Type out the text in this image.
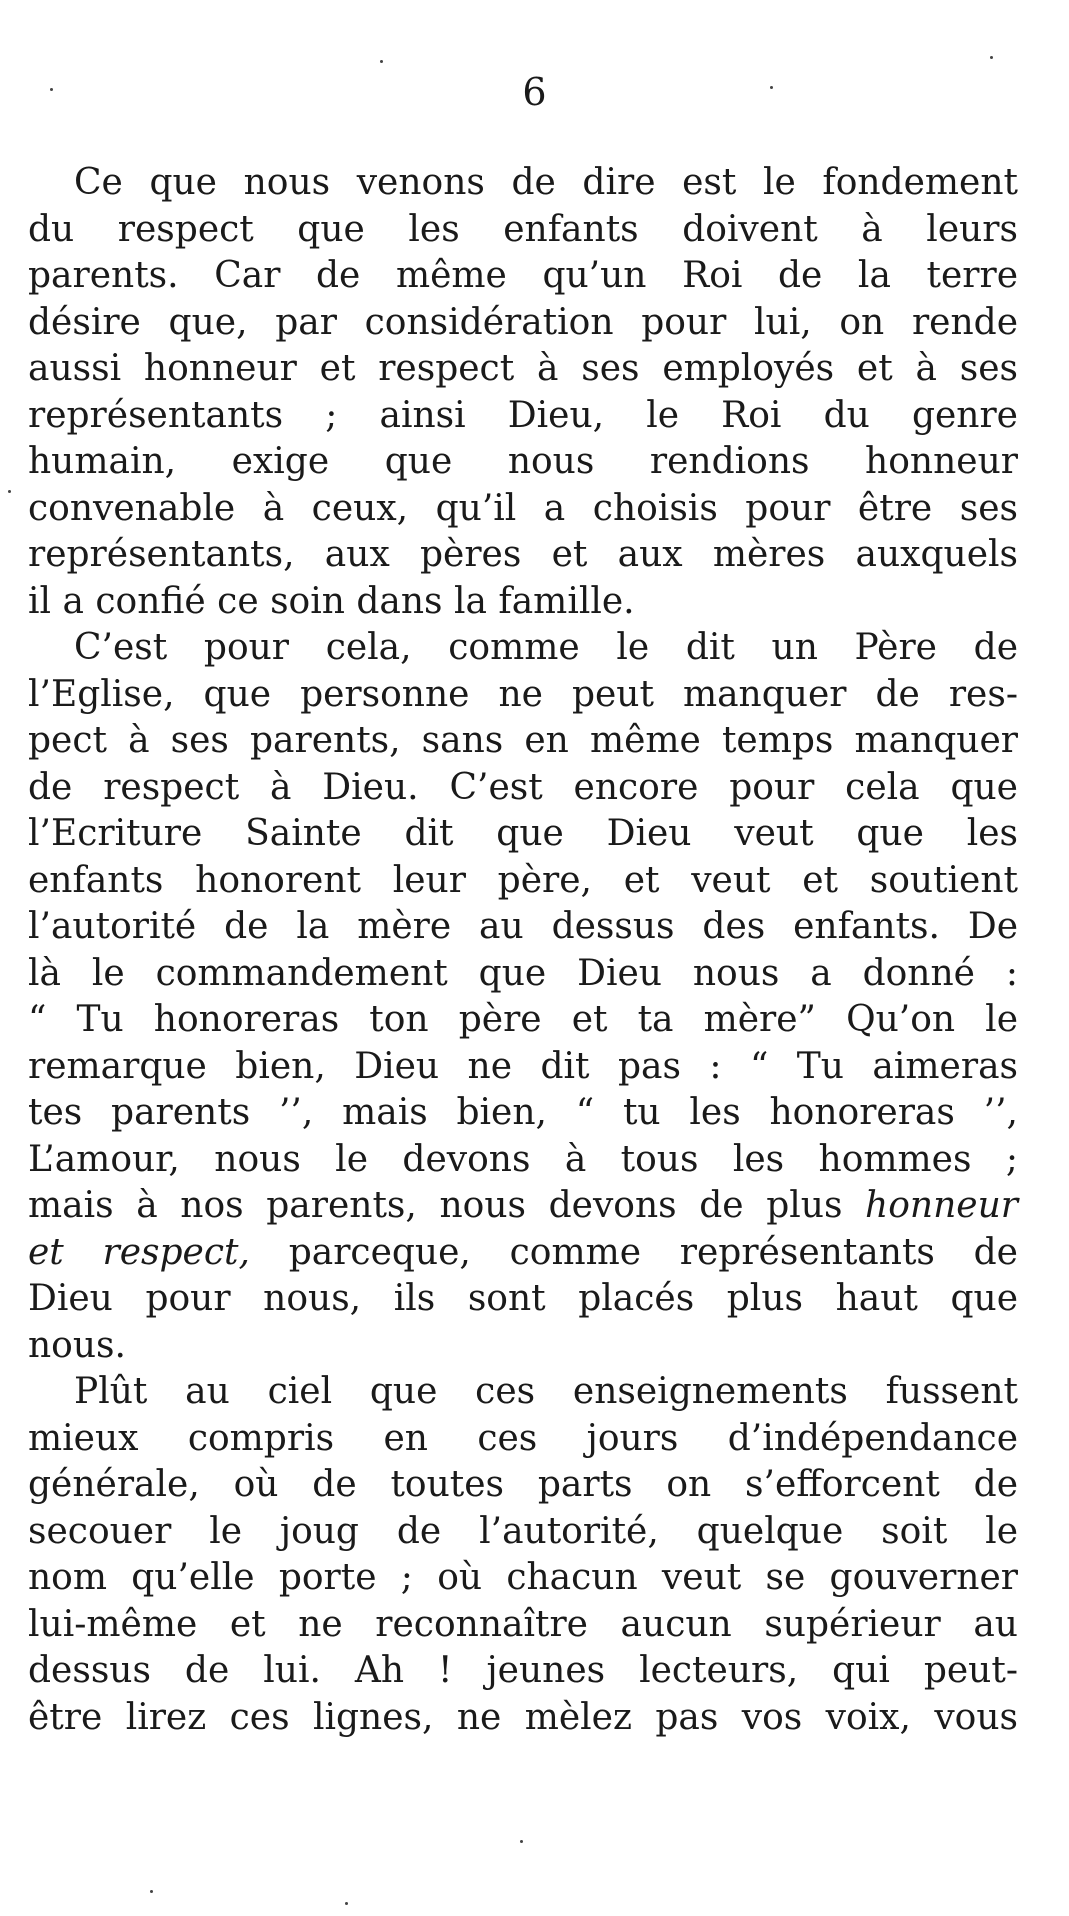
6
Ce que nous venons de dire est le fondement
du respect que les enfants doivent à leurs
parents. Car de même qu’un Roi de la terre
désire que, par considération pour lui, on rende
aussi honneur et respect à ses employés et à ses
représentants ; ainsi Dieu, le Roi du genre
humain, exige que nous rendions honneur
convenable à ceux, qu’il a choisis pour être ses
représentants, aux pères et aux mères auxquels
il a confié ce soin dans la famille.
C’est pour cela, comme le dit un Père de
l’Eglise, que personne ne peut manquer de res-
pect à ses parents, sans en même temps manquer
de respect à Dieu. C’est encore pour cela que
l’Ecriture Sainte dit que Dieu veut que les
enfants honorent leur père, et veut et soutient
l’autorité de la mère au dessus des enfants. De
là le commandement que Dieu nous a donné :
“ Tu honoreras ton père et ta mère” Qu’on le
remarque bien, Dieu ne dit pas : “ Tu aimeras
tes parents ’’, mais bien, “ tu les honoreras ’’,
L’amour, nous le devons à tous les hommes ;
mais à nos parents, nous devons de plus honneur
et respect, parceque, comme représentants de
Dieu pour nous, ils sont placés plus haut que
nous.
Plût au ciel que ces enseignements fussent
mieux compris en ces jours d’indépendance
générale, où de toutes parts on s’efforcent de
secouer le joug de l’autorité, quelque soit le
nom qu’elle porte ; où chacun veut se gouverner
lui-même et ne reconnaître aucun supérieur au
dessus de lui. Ah ! jeunes lecteurs, qui peut-
être lirez ces lignes, ne mèlez pas vos voix, vous
